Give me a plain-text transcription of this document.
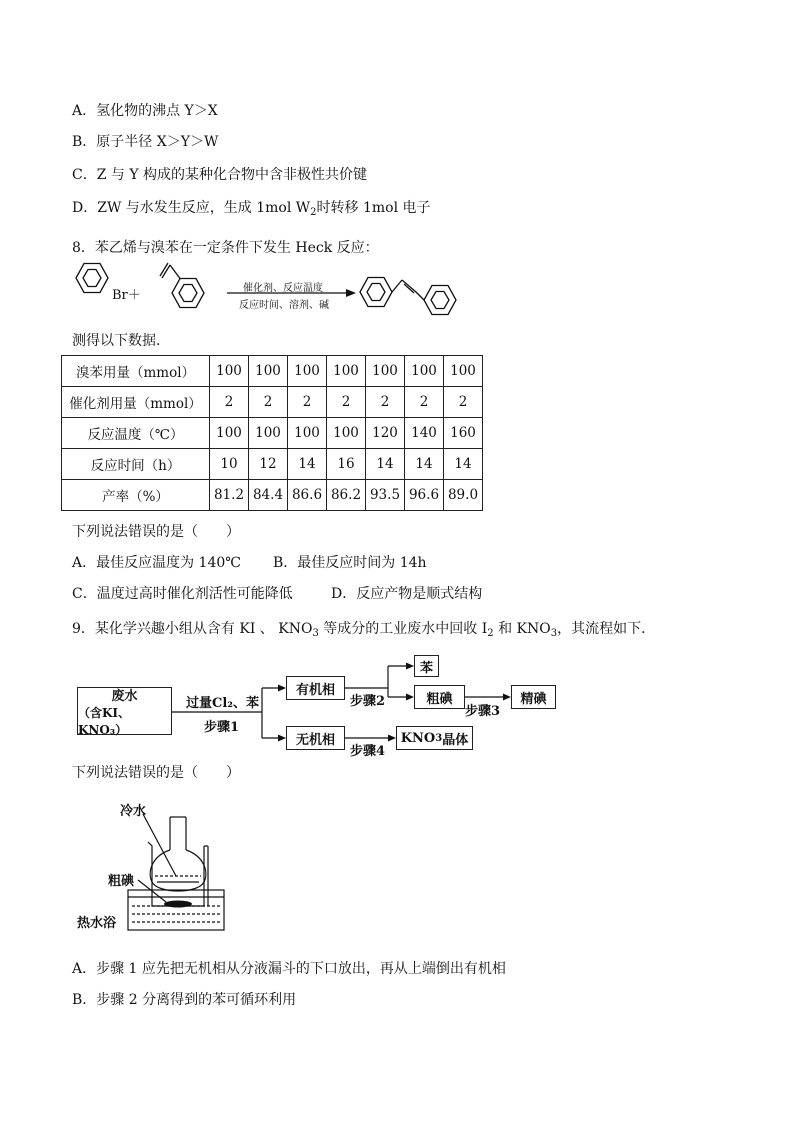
A．氢化物的沸点 Y＞X
B．原子半径 X＞Y＞W
C．Z 与 Y 构成的某种化合物中含非极性共价键
D．ZW 与水发生反应，生成 1mol $W_2$时转移 1mol 电子
8．苯乙烯与溴苯在一定条件下发生 Heck 反应：
Br＋	催化剂、反应温度
反应时间、溶剂、碱
测得以下数据．
溴苯用量（mmol）	100	100	100	100	100	100	100
催化剂用量（mmol）	2	2	2	2	2	2	2
反应温度（℃）	100	100	100	100	120	140	160
反应时间（h）	10	12	14	16	14	14	14
产率（%）	81.2	84.4	86.6	86.2	93.5	96.6	89.0
下列说法错误的是（　　）
A．最佳反应温度为 140℃ B．最佳反应时间为 14h
C．温度过高时催化剂活性可能降低	D．反应产物是顺式结构
9．某化学兴趣小组从含有 KI 、 $KNO_3$ 等成分的工业废水中回收 $I_2$ 和 $KNO_3$，其流程如下．
废水
（含KI、KNO₃）
过量Cl₂、苯
步骤1
有机相
步骤2
苯
粗碘
步骤3
精碘
无机相
步骤4
KNO 3 晶体
下列说法错误的是（　　）
冷水
粗碘
热水浴
A．步骤 1 应先把无机相从分液漏斗的下口放出，再从上端倒出有机相
B．步骤 2 分离得到的苯可循环利用
